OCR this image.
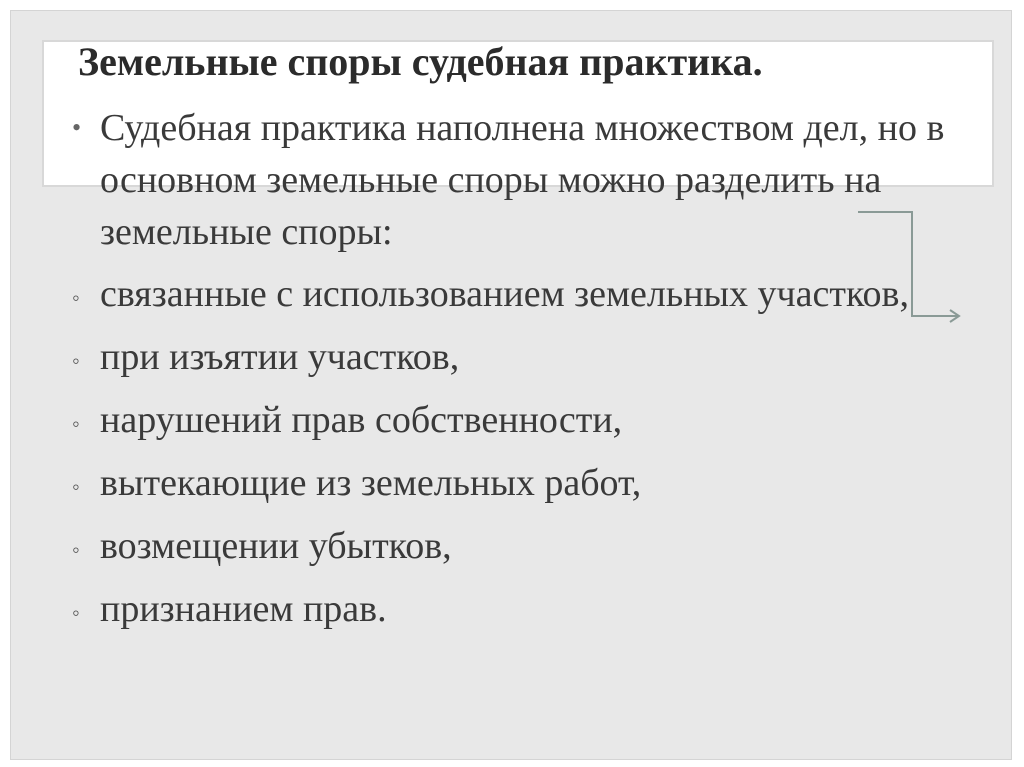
Земельные споры судебная практика.
• Судебная практика наполнена множеством дел, но в основном земельные споры можно разделить на земельные споры:
◦ связанные с использованием земельных участков,
◦ при изъятии участков,
◦ нарушений прав собственности,
◦ вытекающие из земельных работ,
◦ возмещении убытков,
◦ признанием прав.
